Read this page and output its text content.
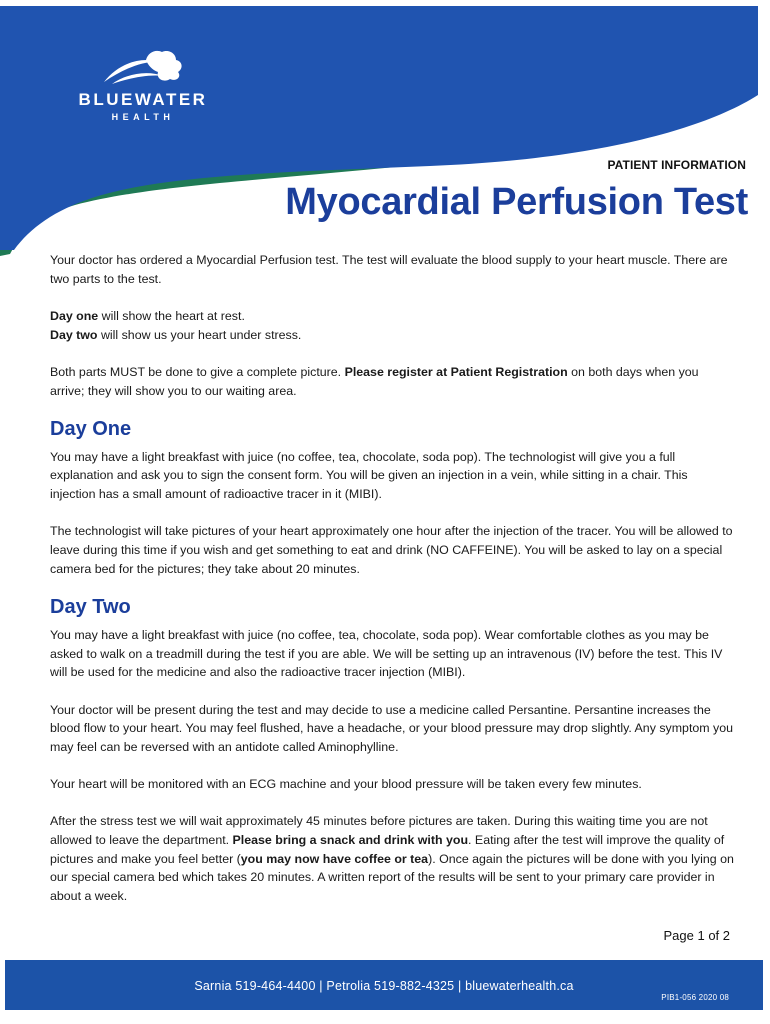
BLUEWATER
HEALTH
PATIENT INFORMATION
Myocardial Perfusion Test

Your doctor has ordered a Myocardial Perfusion test. The test will evaluate the blood supply to your heart muscle. There are two parts to the test.

Day one will show the heart at rest.
Day two will show us your heart under stress.

Both parts MUST be done to give a complete picture. Please register at Patient Registration on both days when you arrive; they will show you to our waiting area.

Day One

You may have a light breakfast with juice (no coffee, tea, chocolate, soda pop). The technologist will give you a full explanation and ask you to sign the consent form. You will be given an injection in a vein, while sitting in a chair. This injection has a small amount of radioactive tracer in it (MIBI).

The technologist will take pictures of your heart approximately one hour after the injection of the tracer. You will be allowed to leave during this time if you wish and get something to eat and drink (NO CAFFEINE). You will be asked to lay on a special camera bed for the pictures; they take about 20 minutes.

Day Two

You may have a light breakfast with juice (no coffee, tea, chocolate, soda pop). Wear comfortable clothes as you may be asked to walk on a treadmill during the test if you are able. We will be setting up an intravenous (IV) before the test. This IV will be used for the medicine and also the radioactive tracer injection (MIBI).

Your doctor will be present during the test and may decide to use a medicine called Persantine. Persantine increases the blood flow to your heart. You may feel flushed, have a headache, or your blood pressure may drop slightly. Any symptom you may feel can be reversed with an antidote called Aminophylline.

Your heart will be monitored with an ECG machine and your blood pressure will be taken every few minutes.

After the stress test we will wait approximately 45 minutes before pictures are taken. During this waiting time you are not allowed to leave the department. Please bring a snack and drink with you. Eating after the test will improve the quality of pictures and make you feel better (you may now have coffee or tea). Once again the pictures will be done with you lying on our special camera bed which takes 20 minutes. A written report of the results will be sent to your primary care provider in about a week.

Page 1 of 2
Sarnia 519-464-4400 | Petrolia 519-882-4325 | bluewaterhealth.ca
PIB1-056 2020 08
